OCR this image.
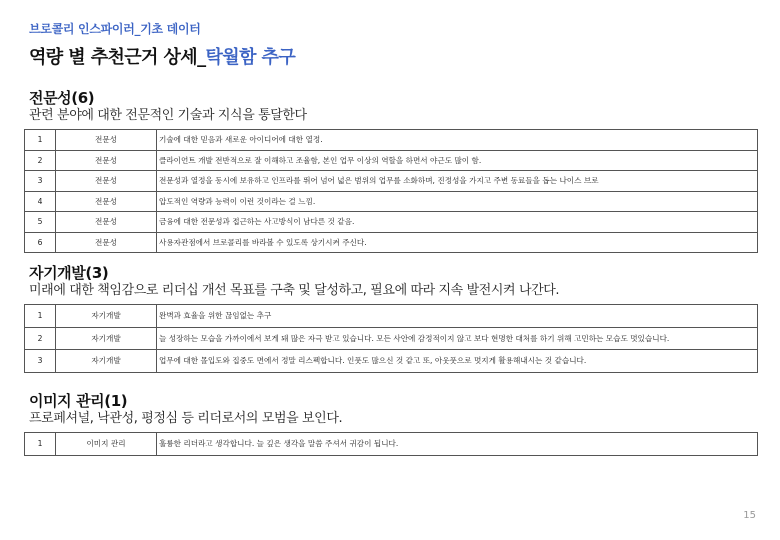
브로콜리 인스파이러_기초 데이터
역량 별 추천근거 상세_탁월함 추구
전문성(6)
관련 분야에 대한 전문적인 기술과 지식을 통달한다
1	전문성	기술에 대한 믿음과 새로운 아이디어에 대한 열정.
2	전문성	클라이언트 개발 전반적으로 잘 이해하고 조율함, 본인 업무 이상의 역할을 하면서 야근도 많이 함.
3	전문성	전문성과 열정을 동시에 보유하고 인프라를 뛰어 넘어 넓은 범위의 업무를 소화하며, 진정성을 가지고 주변 동료들을 돕는 나이스 브로
4	전문성	압도적인 역량과 능력이 이런 것이라는 걸 느낌.
5	전문성	금융에 대한 전문성과 접근하는 사고방식이 남다른 것 같음.
6	전문성	사용자관점에서 브로콜리를 바라볼 수 있도록 상기시켜 주신다.
자기개발(3)
미래에 대한 책임감으로 리더십 개선 목표를 구축 및 달성하고, 필요에 따라 지속 발전시켜 나간다.
1	자기개발	완벽과 효율을 위한 끊임없는 추구
2	자기개발	늘 성장하는 모습을 가까이에서 보게 돼 많은 자극 받고 있습니다. 모든 사안에 감정적이지 않고 보다 현명한 대처를 하기 위해 고민하는 모습도 멋있습니다.
3	자기개발	업무에 대한 몰입도와 집중도 면에서 정말 리스펙합니다. 인풋도 많으신 것 같고 또, 아웃풋으로 멋지게 활용해내시는 것 같습니다.
이미지 관리(1)
프로페셔널, 낙관성, 평정심 등 리더로서의 모범을 보인다.
1	이미지 관리	훌륭한 리더라고 생각합니다. 늘 깊은 생각을 말씀 주셔서 귀감이 됩니다.
15
